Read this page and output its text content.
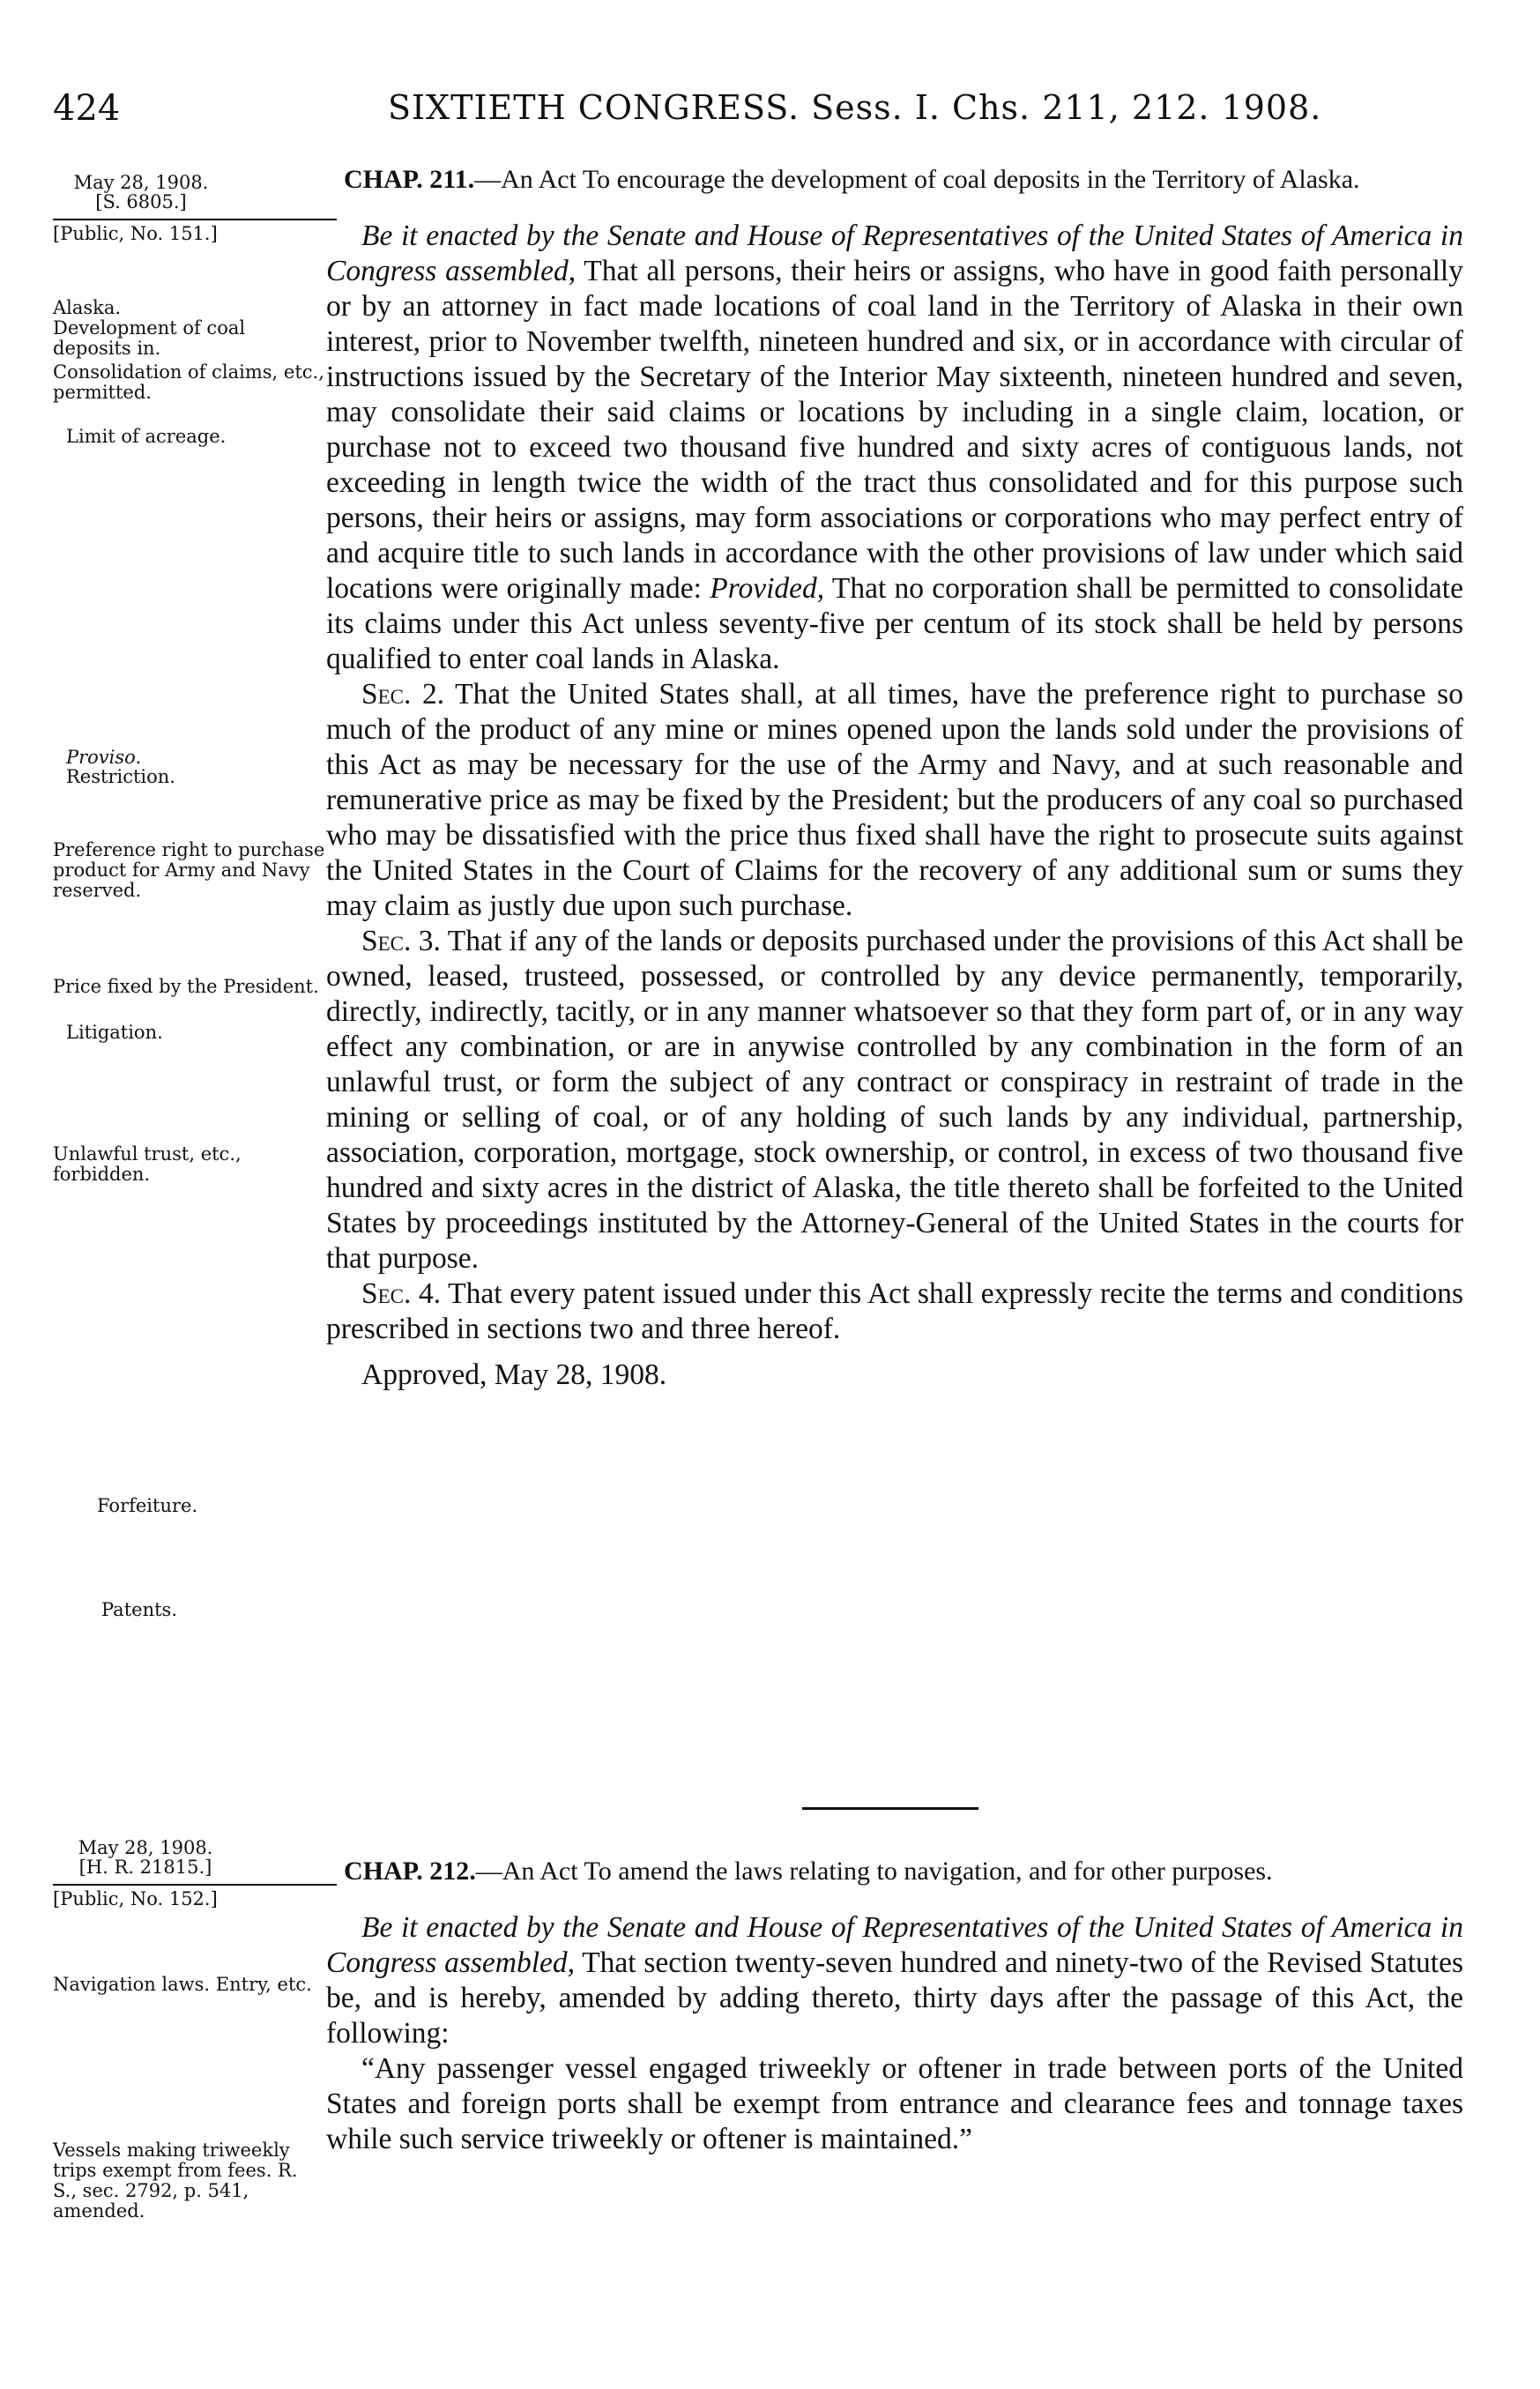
424	SIXTIETH CONGRESS. Sess. I. Chs. 211, 212. 1908.
May 28, 1908.
[S. 6805.]
[Public, No. 151.]
Alaska.
Development of coal deposits in.
Consolidation of claims, etc., permitted.
Limit of acreage.
Proviso.
Restriction.
Preference right to purchase product for Army and Navy reserved.
Price fixed by the President.
Litigation.
Unlawful trust, etc., forbidden.
Forfeiture.
Patents.

CHAP. 211.—An Act To encourage the development of coal deposits in the Territory of Alaska.

Be it enacted by the Senate and House of Representatives of the United States of America in Congress assembled, That all persons, their heirs or assigns, who have in good faith personally or by an attorney in fact made locations of coal land in the Territory of Alaska in their own interest, prior to November twelfth, nineteen hundred and six, or in accordance with circular of instructions issued by the Secretary of the Interior May sixteenth, nineteen hundred and seven, may consolidate their said claims or locations by including in a single claim, location, or purchase not to exceed two thousand five hundred and sixty acres of contiguous lands, not exceeding in length twice the width of the tract thus consolidated and for this purpose such persons, their heirs or assigns, may form associations or corporations who may perfect entry of and acquire title to such lands in accordance with the other provisions of law under which said locations were originally made: Provided, That no corporation shall be permitted to consolidate its claims under this Act unless seventy-five per centum of its stock shall be held by persons qualified to enter coal lands in Alaska.

Sec. 2. That the United States shall, at all times, have the preference right to purchase so much of the product of any mine or mines opened upon the lands sold under the provisions of this Act as may be necessary for the use of the Army and Navy, and at such reasonable and remunerative price as may be fixed by the President; but the producers of any coal so purchased who may be dissatisfied with the price thus fixed shall have the right to prosecute suits against the United States in the Court of Claims for the recovery of any additional sum or sums they may claim as justly due upon such purchase.

Sec. 3. That if any of the lands or deposits purchased under the provisions of this Act shall be owned, leased, trusteed, possessed, or controlled by any device permanently, temporarily, directly, indirectly, tacitly, or in any manner whatsoever so that they form part of, or in any way effect any combination, or are in anywise controlled by any combination in the form of an unlawful trust, or form the subject of any contract or conspiracy in restraint of trade in the mining or selling of coal, or of any holding of such lands by any individual, partnership, association, corporation, mortgage, stock ownership, or control, in excess of two thousand five hundred and sixty acres in the district of Alaska, the title thereto shall be forfeited to the United States by proceedings instituted by the Attorney-General of the United States in the courts for that purpose.

Sec. 4. That every patent issued under this Act shall expressly recite the terms and conditions prescribed in sections two and three hereof.

Approved, May 28, 1908.

May 28, 1908.
[H. R. 21815.]
[Public, No. 152.]
Navigation laws. Entry, etc.
Vessels making triweekly trips exempt from fees. R. S., sec. 2792, p. 541, amended.

CHAP. 212.—An Act To amend the laws relating to navigation, and for other purposes.

Be it enacted by the Senate and House of Representatives of the United States of America in Congress assembled, That section twenty-seven hundred and ninety-two of the Revised Statutes be, and is hereby, amended by adding thereto, thirty days after the passage of this Act, the following:

“Any passenger vessel engaged triweekly or oftener in trade between ports of the United States and foreign ports shall be exempt from entrance and clearance fees and tonnage taxes while such service triweekly or oftener is maintained.”
